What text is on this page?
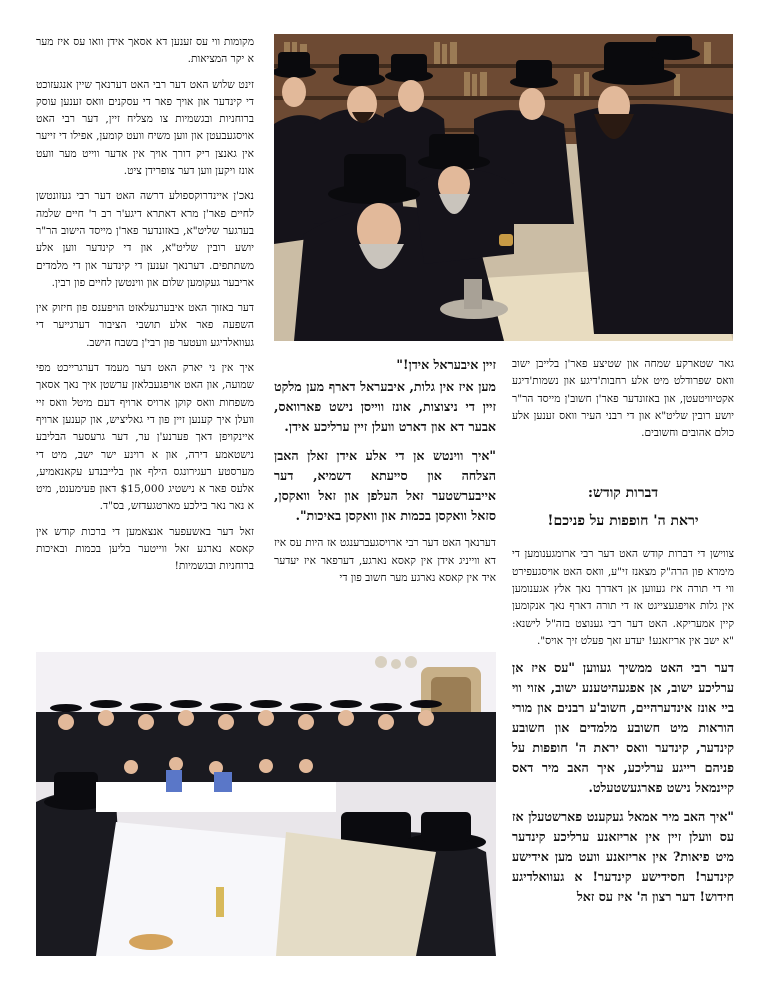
מקומות ווי עס זענען דא אסאך אידן וואו עס איז מער א יקר המציאות.

זינט שלוש האט דער רבי האט דערנאך שיין אנגעזוכט די קינדער און אויך פאר די עסקנים וואס זענען עוסק ברוחניות ובגשמיות צו מצליח זיין, דער רבי האט אויסגעבעטן און ווען משיח וועט קומען, אפילו די זייער אין גאנצן ריק דורך אויך אין אדער ווייט מער וועט אונז ויקען ווען דער צופרידן ציט.

נאכ'ן איינדרוקספולע דרשה האט דער רבי געזונטשן לחיים פאר'ן מרא דאתרא דיגע'ר רב ר' חיים שלמה בערגער שליט"א, באזונדער פאר'ן מייסד הישוב הר"ר יושע רובין שליט"א, און די קינדער ווען אלע משתתפים. דערנאך זענען די קינדער און די מלמדים אריבער געקומען שלום און ווינטשן לחיים פון רבין.

דער באזוך האט איבערגעלאזט הויפענס פון חיזוק אין השפעה פאר אלע תושבי הציבור דערגייער די געוואלדיגע וועטער פון רבי'ן בשבח הישב.

איך אין ני יארק האט דער מעמד דערגרייכט מפי שמועה, און האט אויפגעבלאזן ערשטן איך נאך אסאך משפחות וואס קוקן ארויס ארויף דעם מיטל וואס זיי וועלן איך קענען זיין פון די גאליציש, און קענען ארויף איינקויפן דאך פערנע'ן ער, דער גרעסער הבליבע נישטאמע דירה, און א רוינע ישר ישב, מיט די מערסטע רעגירונגס הילף און בלייבנדע עקאנאמיע, אלעס פאר א נישטיג $15,000 דאון פעימענט, מיט א נאר נאר בילכע מארטגעדזש, בס"ד.

זאל דער באשעפער אנצאמען די ברכות קודש אין קאסא נארגע זאל ווייטער בליען בכמות ובאיכות ברוחניות ובגשמיות!

זיין איבעראל אידן!"

מען איז אין גלות, איבעראל דארף מען מלקט זיין די ניצוצות, אונז ווייסן נישט פארוואס, אבער דא און דארט וועלן זיין ערליכע אידן.

"איך ווינטש אן די אלע אידן זאלן האבן הצלחה און סייעתא דשמיא, דער אייבערשטער זאל העלפן און זאל וואקסן, סזאל וואקסן בכמות און וואקסן באיכות".

דערנאך האט דער רבי ארויסגעברענגט אז היות עס איז דא ווייניג אידן אין קאסא נארגע, דערפאר איז יעדער איד אין קאסא נארגע מער חשוב פון די

גאר שטארקע שמחה און שטיצע פאר'ן בלייבן ישוב וואס שפרודלט מיט אלע רחבות'דיגע און נשמות'דיגע אקטיוויטעטן, און באזונדער פאר'ן חשוב'ן מייסד הר"ר יושע רובין שליט"א און די רבני העיר וואס זענען אלע כולם אהובים וחשובים.

דברות קודש:
יראת ה' חופפות על פניכם!

צווישן די דברות קודש האט דער רבי ארומגענומען די מימרא פון הרה"ק מצאנז זי"ע, וואס האט אויסגעפירט ווי די תורה איז געווען אן דאדרך נאך אלץ אגענומען אין גלות אויפגעצייגט אז די תורה דארף נאך אנקומען קיין אמעריקא. האט דער רבי גענוצט בזה"ל לישנא: "א ישב אין אריזאנע! יעדע זאך פעלט זיך אויס".

דער רבי האט ממשיך געווען "עס איז אן ערליכע ישוב, אן אפגעהיטענע ישוב, אזוי ווי ביי אונז אינדערהיים, חשוב'ע רבנים און מורי הוראות מיט חשובע מלמדים און חשובע קינדער, קינדער וואס יראת ה' חופפות על פניהם רייגע ערליכע, איך האב מיר דאס קיינמאל נישט פארגעשטעלט.

"איך האב מיר אמאל געקענט פארשטעלן אז עס וועלן זיין אין אריזאנע ערליכע קינדער מיט פיאות? אין אריזאנע וועט מען אידישע קינדער! חסידישע קינדער! א געוואלדיגע חידוש! דער רצון ה' איז עס זאל
